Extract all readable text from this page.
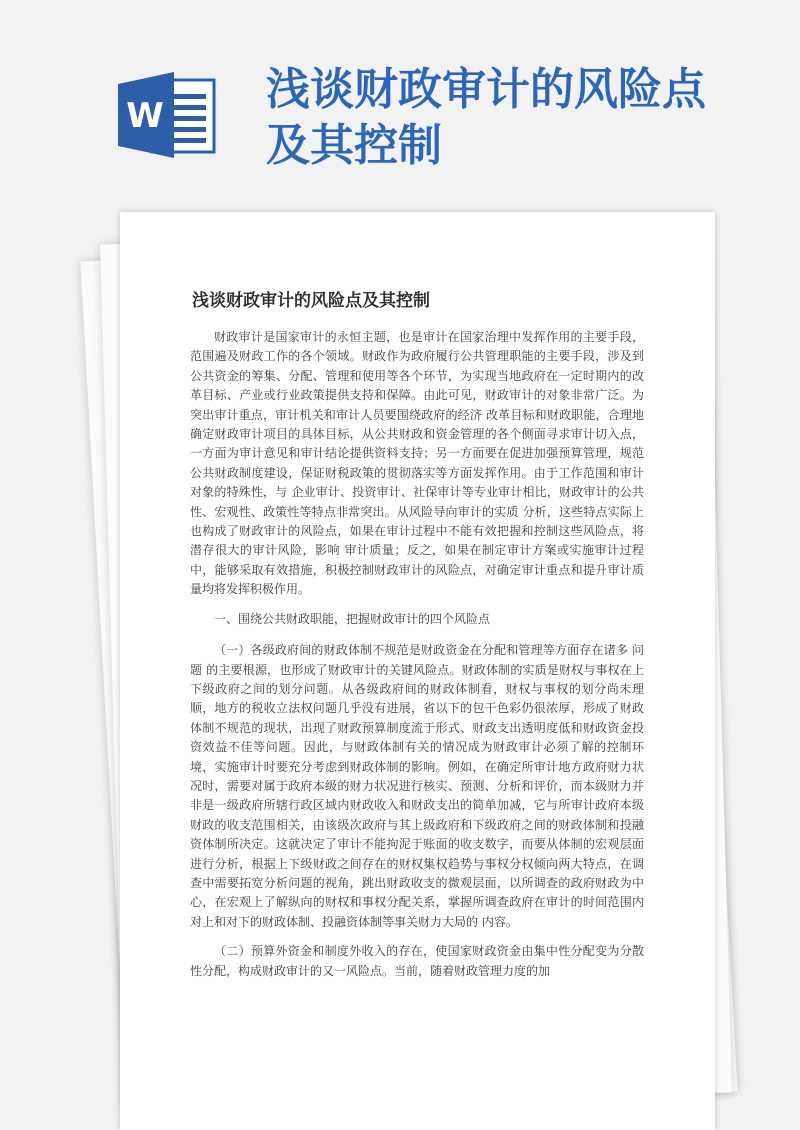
W
浅谈财政审计的风险点
及其控制
浅谈财政审计的风险点及其控制

财政审计是国家审计的永恒主题，也是审计在国家治理中发挥作用的主要手段，范围遍及财政工作的各个领域。财政作为政府履行公共管理职能的主要手段，涉及到公共资金的筹集、分配、管理和使用等各个环节，为实现当地政府在一定时期内的改革目标、产业或行业政策提供支持和保障。由此可见，财政审计的对象非常广泛。为突出审计重点，审计机关和审计人员要围绕政府的经济 改革目标和财政职能，合理地确定财政审计项目的具体目标，从公共财政和资金管理的各个侧面寻求审计切入点，一方面为审计意见和审计结论提供资料支持；另一方面要在促进加强预算管理，规范公共财政制度建设，保证财税政策的贯彻落实等方面发挥作用。由于工作范围和审计对象的特殊性，与 企业审计、投资审计、社保审计等专业审计相比，财政审计的公共性、宏观性、政策性等特点非常突出。从风险导向审计的实质 分析，这些特点实际上也构成了财政审计的风险点，如果在审计过程中不能有效把握和控制这些风险点，将潜存很大的审计风险，影响 审计质量；反之，如果在制定审计方案或实施审计过程中，能够采取有效措施，积极控制财政审计的风险点，对确定审计重点和提升审计质量均将发挥积极作用。

一、围绕公共财政职能，把握财政审计的四个风险点

（一）各级政府间的财政体制不规范是财政资金在分配和管理等方面存在诸多 问题 的主要根源，也形成了财政审计的关键风险点。财政体制的实质是财权与事权在上下级政府之间的划分问题。从各级政府间的财政体制看，财权与事权的划分尚未理顺，地方的税收立法权问题几乎没有进展，省以下的包干色彩仍很浓厚，形成了财政体制不规范的现状，出现了财政预算制度流于形式、财政支出透明度低和财政资金投资效益不佳等问题。因此，与财政体制有关的情况成为财政审计必须了解的控制环境，实施审计时要充分考虑到财政体制的影响。例如，在确定所审计地方政府财力状况时，需要对属于政府本级的财力状况进行核实、预测、分析和评价，而本级财力并非是一级政府所辖行政区域内财政收入和财政支出的简单加减，它与所审计政府本级财政的收支范围相关，由该级次政府与其上级政府和下级政府之间的财政体制和投融资体制所决定。这就决定了审计不能拘泥于账面的收支数字，而要从体制的宏观层面进行分析，根据上下级财政之间存在的财权集权趋势与事权分权倾向两大特点，在调查中需要拓宽分析问题的视角，跳出财政收支的微观层面，以所调查的政府财政为中心，在宏观上了解纵向的财权和事权分配关系，掌握所调查政府在审计的时间范围内对上和对下的财政体制、投融资体制等事关财力大局的 内容。

（二）预算外资金和制度外收入的存在，使国家财政资金由集中性分配变为分散性分配，构成财政审计的又一风险点。当前，随着财政管理力度的加
